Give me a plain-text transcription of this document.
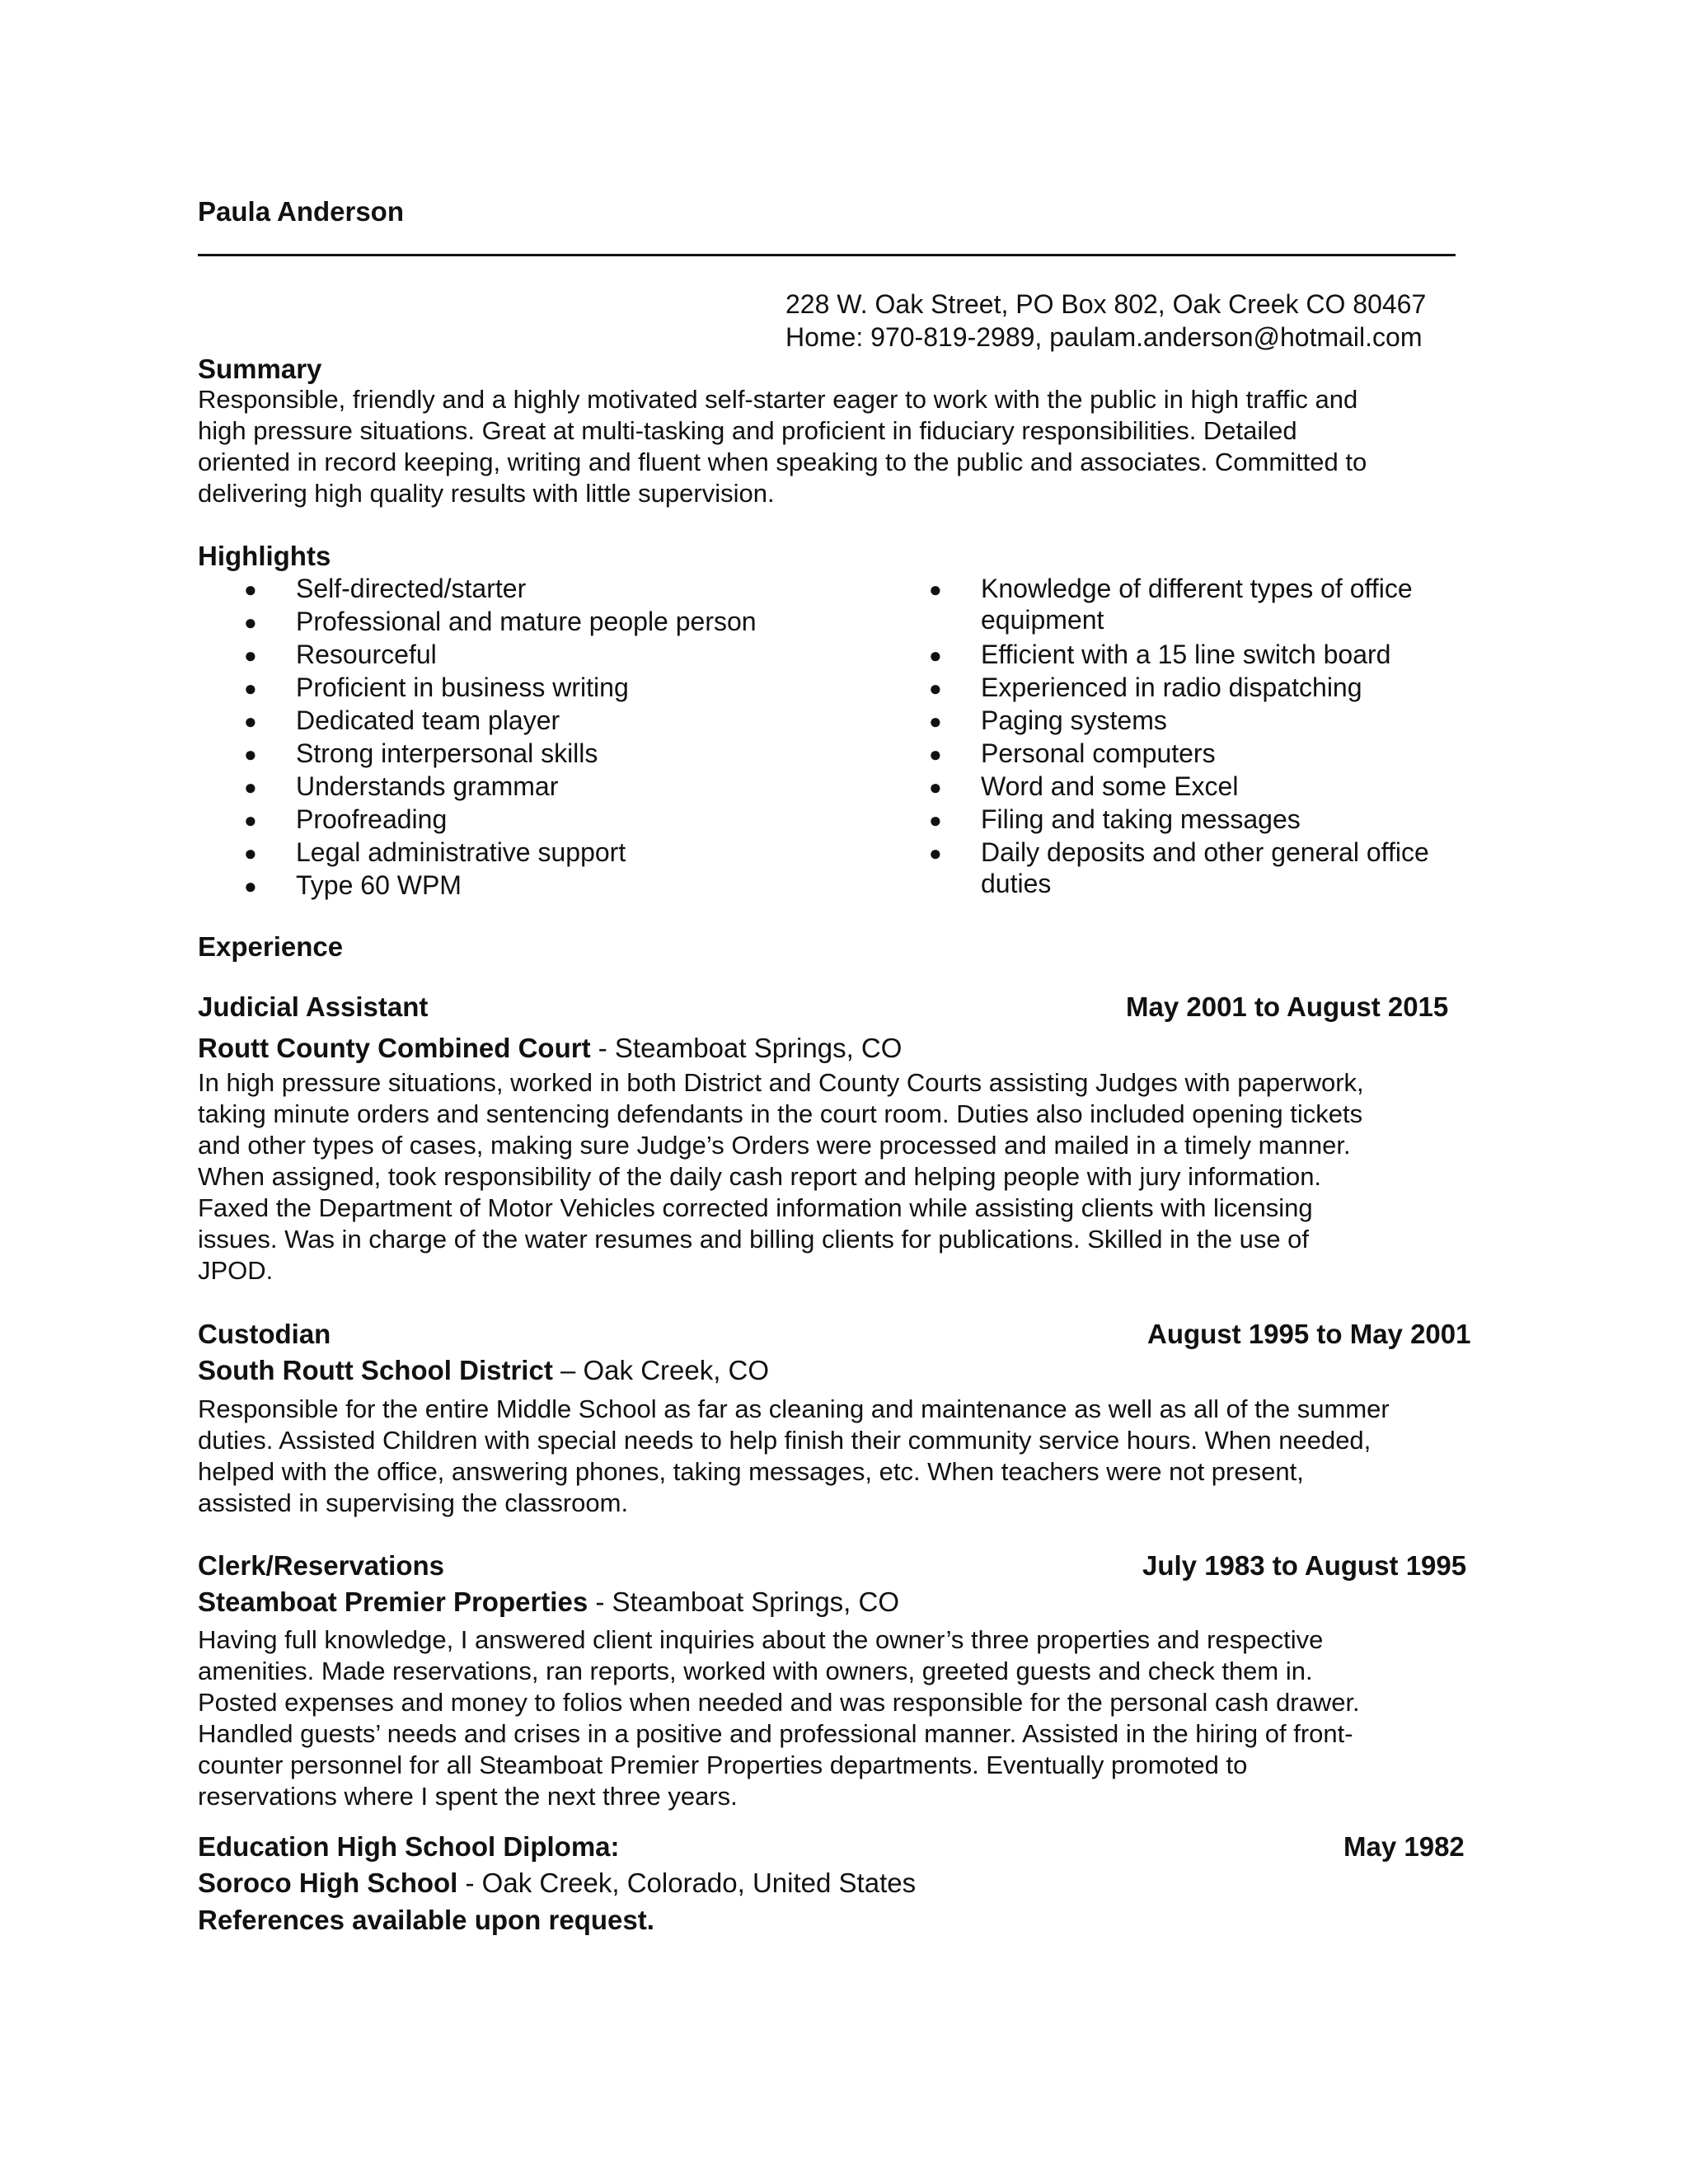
Paula Anderson
228 W. Oak Street, PO Box 802, Oak Creek CO 80467
Home: 970-819-2989, paulam.anderson@hotmail.com
Summary
Responsible, friendly and a highly motivated self-starter eager to work with the public in high traffic and
high pressure situations. Great at multi-tasking and proficient in fiduciary responsibilities. Detailed
oriented in record keeping, writing and fluent when speaking to the public and associates. Committed to
delivering high quality results with little supervision.
Highlights
● Self-directed/starter
● Professional and mature people person
● Resourceful
● Proficient in business writing
● Dedicated team player
● Strong interpersonal skills
● Understands grammar
● Proofreading
● Legal administrative support
● Type 60 WPM
● Knowledge of different types of office equipment
● Efficient with a 15 line switch board
● Experienced in radio dispatching
● Paging systems
● Personal computers
● Word and some Excel
● Filing and taking messages
● Daily deposits and other general office duties
Experience
Judicial Assistant	May 2001 to August 2015
Routt County Combined Court - Steamboat Springs, CO
In high pressure situations, worked in both District and County Courts assisting Judges with paperwork,
taking minute orders and sentencing defendants in the court room. Duties also included opening tickets
and other types of cases, making sure Judge’s Orders were processed and mailed in a timely manner.
When assigned, took responsibility of the daily cash report and helping people with jury information.
Faxed the Department of Motor Vehicles corrected information while assisting clients with licensing
issues. Was in charge of the water resumes and billing clients for publications. Skilled in the use of
JPOD.
Custodian	August 1995 to May 2001
South Routt School District – Oak Creek, CO
Responsible for the entire Middle School as far as cleaning and maintenance as well as all of the summer
duties. Assisted Children with special needs to help finish their community service hours. When needed,
helped with the office, answering phones, taking messages, etc. When teachers were not present,
assisted in supervising the classroom.
Clerk/Reservations	July 1983 to August 1995
Steamboat Premier Properties - Steamboat Springs, CO
Having full knowledge, I answered client inquiries about the owner’s three properties and respective
amenities. Made reservations, ran reports, worked with owners, greeted guests and check them in.
Posted expenses and money to folios when needed and was responsible for the personal cash drawer.
Handled guests’ needs and crises in a positive and professional manner. Assisted in the hiring of front-
counter personnel for all Steamboat Premier Properties departments. Eventually promoted to
reservations where I spent the next three years.
Education High School Diploma:	May 1982
Soroco High School - Oak Creek, Colorado, United States
References available upon request.
